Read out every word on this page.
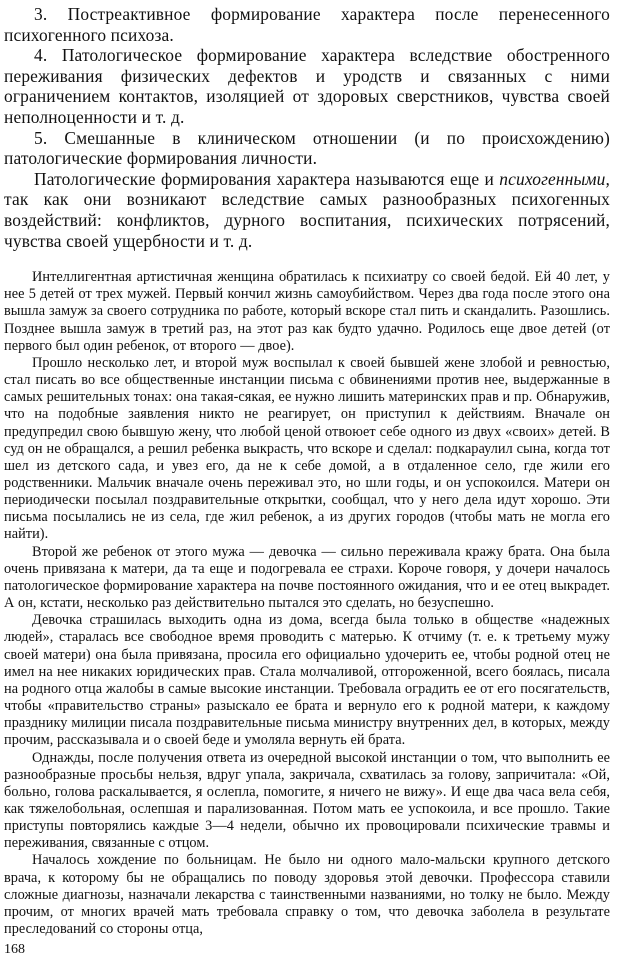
3. Постреактивное формирование характера после перенесенного психогенного психоза.

4. Патологическое формирование характера вследствие обостренного переживания физических дефектов и уродств и связанных с ними ограничением контактов, изоляцией от здоровых сверстников, чувства своей неполноценности и т. д.

5. Смешанные в клиническом отношении (и по происхождению) патологические формирования личности.

Патологические формирования характера называются еще и психогенными, так как они возникают вследствие самых разнообразных психогенных воздействий: конфликтов, дурного воспитания, психических потрясений, чувства своей ущербности и т. д.

Интеллигентная артистичная женщина обратилась к психиатру со своей бедой. Ей 40 лет, у нее 5 детей от трех мужей. Первый кончил жизнь самоубийством. Через два года после этого она вышла замуж за своего сотрудника по работе, который вскоре стал пить и скандалить. Разошлись. Позднее вышла замуж в третий раз, на этот раз как будто удачно. Родилось еще двое детей (от первого был один ребенок, от второго — двое).

Прошло несколько лет, и второй муж воспылал к своей бывшей жене злобой и ревностью, стал писать во все общественные инстанции письма с обвинениями против нее, выдержанные в самых решительных тонах: она такая-сякая, ее нужно лишить материнских прав и пр. Обнаружив, что на подобные заявления никто не реагирует, он приступил к действиям. Вначале он предупредил свою бывшую жену, что любой ценой отвоюет себе одного из двух «своих» детей. В суд он не обращался, а решил ребенка выкрасть, что вскоре и сделал: подкараулил сына, когда тот шел из детского сада, и увез его, да не к себе домой, а в отдаленное село, где жили его родственники. Мальчик вначале очень переживал это, но шли годы, и он успокоился. Матери он периодически посылал поздравительные открытки, сообщал, что у него дела идут хорошо. Эти письма посылались не из села, где жил ребенок, а из других городов (чтобы мать не могла его найти).

Второй же ребенок от этого мужа — девочка — сильно переживала кражу брата. Она была очень привязана к матери, да та еще и подогревала ее страхи. Короче говоря, у дочери началось патологическое формирование характера на почве постоянного ожидания, что и ее отец выкрадет. А он, кстати, несколько раз действительно пытался это сделать, но безуспешно.

Девочка страшилась выходить одна из дома, всегда была только в обществе «надежных людей», старалась все свободное время проводить с матерью. К отчиму (т. е. к третьему мужу своей матери) она была привязана, просила его официально удочерить ее, чтобы родной отец не имел на нее никаких юридических прав. Стала молчаливой, отгороженной, всего боялась, писала на родного отца жалобы в самые высокие инстанции. Требовала оградить ее от его посягательств, чтобы «правительство страны» разыскало ее брата и вернуло его к родной матери, к каждому празднику милиции писала поздравительные письма министру внутренних дел, в которых, между прочим, рассказывала и о своей беде и умоляла вернуть ей брата.

Однажды, после получения ответа из очередной высокой инстанции о том, что выполнить ее разнообразные просьбы нельзя, вдруг упала, закричала, схватилась за голову, запричитала: «Ой, больно, голова раскалывается, я ослепла, помогите, я ничего не вижу». И еще два часа вела себя, как тяжелобольная, ослепшая и парализованная. Потом мать ее успокоила, и все прошло. Такие приступы повторялись каждые 3—4 недели, обычно их провоцировали психические травмы и переживания, связанные с отцом.

Началось хождение по больницам. Не было ни одного мало-мальски крупного детского врача, к которому бы не обращались по поводу здоровья этой девочки. Профессора ставили сложные диагнозы, назначали лекарства с таинственными названиями, но толку не было. Между прочим, от многих врачей мать требовала справку о том, что девочка заболела в результате преследований со стороны отца,

168
